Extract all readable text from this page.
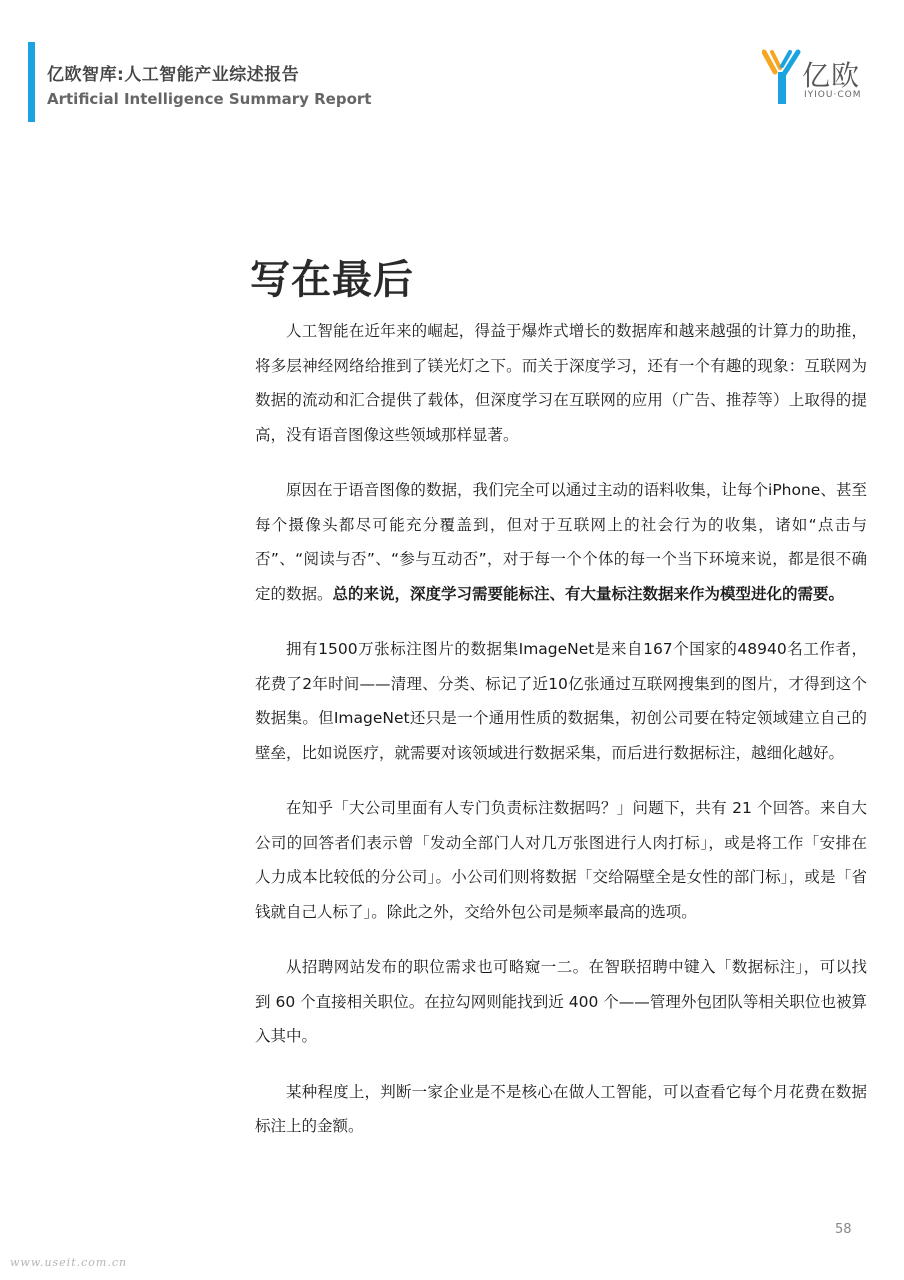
亿欧智库:人工智能产业综述报告
Artificial Intelligence Summary Report
亿欧
IYIOU·COM
写在最后

人工智能在近年来的崛起，得益于爆炸式增长的数据库和越来越强的计算力的助推，将多层神经网络给推到了镁光灯之下。而关于深度学习，还有一个有趣的现象：互联网为数据的流动和汇合提供了载体，但深度学习在互联网的应用（广告、推荐等）上取得的提高，没有语音图像这些领域那样显著。

原因在于语音图像的数据，我们完全可以通过主动的语料收集，让每个iPhone、甚至每个摄像头都尽可能充分覆盖到，但对于互联网上的社会行为的收集，诸如“点击与否”、“阅读与否”、“参与互动否”，对于每一个个体的每一个当下环境来说，都是很不确定的数据。总的来说，深度学习需要能标注、有大量标注数据来作为模型进化的需要。

拥有1500万张标注图片的数据集ImageNet是来自167个国家的48940名工作者，花费了2年时间——清理、分类、标记了近10亿张通过互联网搜集到的图片，才得到这个数据集。但ImageNet还只是一个通用性质的数据集，初创公司要在特定领域建立自己的壁垒，比如说医疗，就需要对该领域进行数据采集，而后进行数据标注，越细化越好。

在知乎「大公司里面有人专门负责标注数据吗？」问题下，共有 21 个回答。来自大公司的回答者们表示曾「发动全部门人对几万张图进行人肉打标」，或是将工作「安排在人力成本比较低的分公司」。小公司们则将数据「交给隔壁全是女性的部门标」，或是「省钱就自己人标了」。除此之外，交给外包公司是频率最高的选项。

从招聘网站发布的职位需求也可略窥一二。在智联招聘中键入「数据标注」，可以找到 60 个直接相关职位。在拉勾网则能找到近 400 个——管理外包团队等相关职位也被算入其中。

某种程度上，判断一家企业是不是核心在做人工智能，可以查看它每个月花费在数据标注上的金额。

58
www.useit.com.cn
